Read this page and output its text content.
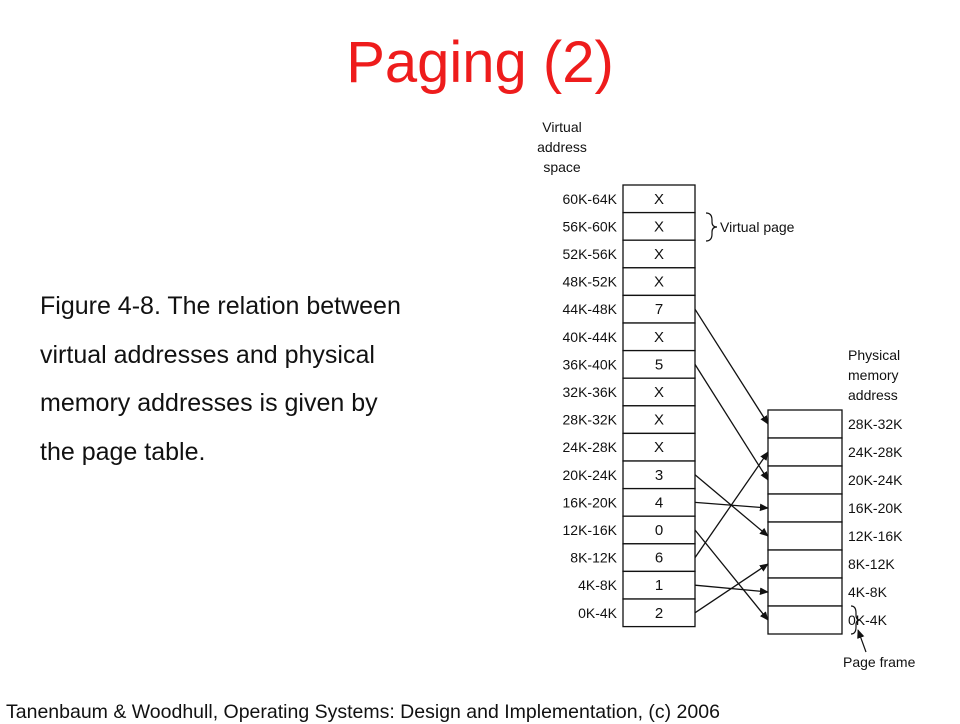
Paging (2)
Figure 4-8. The relation between
virtual addresses and physical
memory addresses is given by
the page table.
Virtual
address
space
Physical
memory
address
Virtual page
Page frame
60K-64K X
56K-60K X
52K-56K X
48K-52K X
44K-48K	7
40K-44K X
36K-40K	5
32K-36K X
28K-32K X
24K-28K X
20K-24K	3
16K-20K	4
12K-16K	0
8K-12K	6
4K-8K	1
0K-4K	2
28K-32K
24K-28K
20K-24K
16K-20K
12K-16K
8K-12K
4K-8K
0K-4K
Tanenbaum & Woodhull, Operating Systems: Design and Implementation, (c) 2006
